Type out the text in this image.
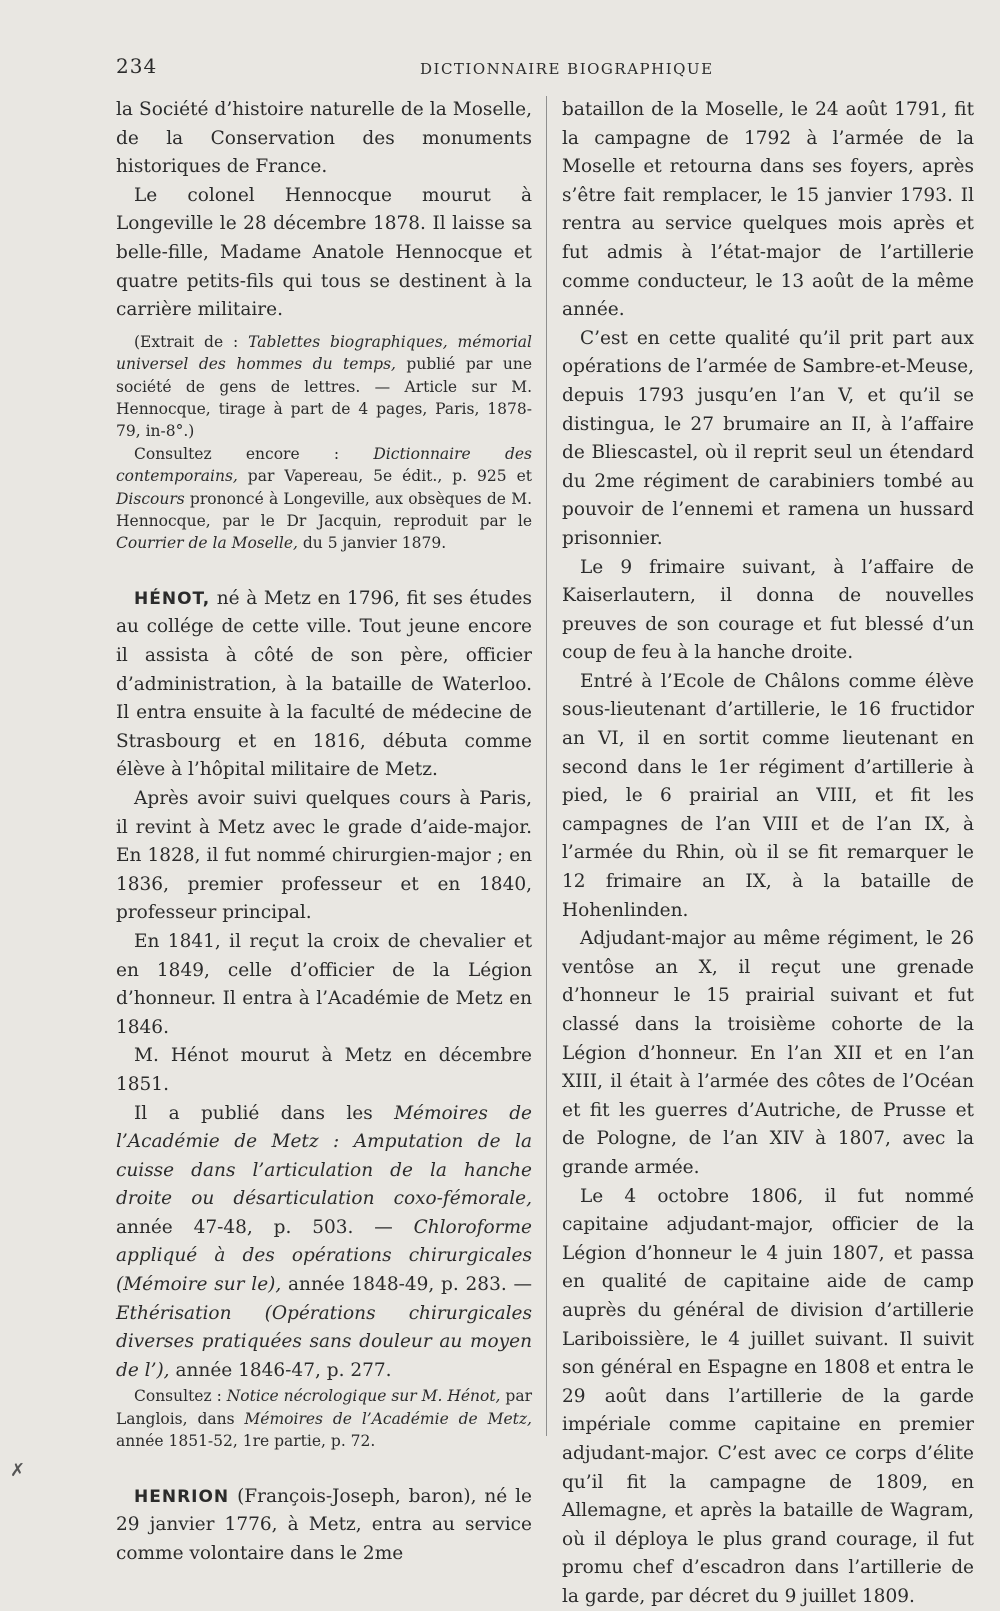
234	DICTIONNAIRE BIOGRAPHIQUE

la Société d’histoire naturelle de la Moselle, de la Conservation des monuments historiques de France.

Le colonel Hennocque mourut à Longeville le 28 décembre 1878. Il laisse sa belle-fille, Madame Anatole Hennocque et quatre petits-fils qui tous se destinent à la carrière militaire.

(Extrait de : Tablettes biographiques, mémorial universel des hommes du temps, publié par une société de gens de lettres. — Article sur M. Hennocque, tirage à part de 4 pages, Paris, 1878-79, in-8°.)

Consultez encore : Dictionnaire des contemporains, par Vapereau, 5e édit., p. 925 et Discours prononcé à Longeville, aux obsèques de M. Hennocque, par le Dr Jacquin, reproduit par le Courrier de la Moselle, du 5 janvier 1879.

HÉNOT, né à Metz en 1796, fit ses études au collége de cette ville. Tout jeune encore il assista à côté de son père, officier d’administration, à la bataille de Waterloo. Il entra ensuite à la faculté de médecine de Strasbourg et en 1816, débuta comme élève à l’hôpital militaire de Metz.

Après avoir suivi quelques cours à Paris, il revint à Metz avec le grade d’aide-major. En 1828, il fut nommé chirurgien-major ; en 1836, premier professeur et en 1840, professeur principal.

En 1841, il reçut la croix de chevalier et en 1849, celle d’officier de la Légion d’honneur. Il entra à l’Académie de Metz en 1846.

M. Hénot mourut à Metz en décembre 1851.

Il a publié dans les Mémoires de l’Académie de Metz : Amputation de la cuisse dans l’articulation de la hanche droite ou désarticulation coxo-fémorale, année 47-48, p. 503. — Chloroforme appliqué à des opérations chirurgicales (Mémoire sur le), année 1848-49, p. 283. — Ethérisation (Opérations chirurgicales diverses pratiquées sans douleur au moyen de l’), année 1846-47, p. 277.

Consultez : Notice nécrologique sur M. Hénot, par Langlois, dans Mémoires de l’Académie de Metz, année 1851-52, 1re partie, p. 72.

HENRION (François-Joseph, baron), né le 29 janvier 1776, à Metz, entra au service comme volontaire dans le 2me

bataillon de la Moselle, le 24 août 1791, fit la campagne de 1792 à l’armée de la Moselle et retourna dans ses foyers, après s’être fait remplacer, le 15 janvier 1793. Il rentra au service quelques mois après et fut admis à l’état-major de l’artillerie comme conducteur, le 13 août de la même année.

C’est en cette qualité qu’il prit part aux opérations de l’armée de Sambre-et-Meuse, depuis 1793 jusqu’en l’an V, et qu’il se distingua, le 27 brumaire an II, à l’affaire de Bliescastel, où il reprit seul un étendard du 2me régiment de carabiniers tombé au pouvoir de l’ennemi et ramena un hussard prisonnier.

Le 9 frimaire suivant, à l’affaire de Kaiserlautern, il donna de nouvelles preuves de son courage et fut blessé d’un coup de feu à la hanche droite.

Entré à l’Ecole de Châlons comme élève sous-lieutenant d’artillerie, le 16 fructidor an VI, il en sortit comme lieutenant en second dans le 1er régiment d’artillerie à pied, le 6 prairial an VIII, et fit les campagnes de l’an VIII et de l’an IX, à l’armée du Rhin, où il se fit remarquer le 12 frimaire an IX, à la bataille de Hohenlinden.

Adjudant-major au même régiment, le 26 ventôse an X, il reçut une grenade d’honneur le 15 prairial suivant et fut classé dans la troisième cohorte de la Légion d’honneur. En l’an XII et en l’an XIII, il était à l’armée des côtes de l’Océan et fit les guerres d’Autriche, de Prusse et de Pologne, de l’an XIV à 1807, avec la grande armée.

Le 4 octobre 1806, il fut nommé capitaine adjudant-major, officier de la Légion d’honneur le 4 juin 1807, et passa en qualité de capitaine aide de camp auprès du général de division d’artillerie Lariboissière, le 4 juillet suivant. Il suivit son général en Espagne en 1808 et entra le 29 août dans l’artillerie de la garde impériale comme capitaine en premier adjudant-major. C’est avec ce corps d’élite qu’il fit la campagne de 1809, en Allemagne, et après la bataille de Wagram, où il déploya le plus grand courage, il fut promu chef d’escadron dans l’artillerie de la garde, par décret du 9 juillet 1809.

✗
